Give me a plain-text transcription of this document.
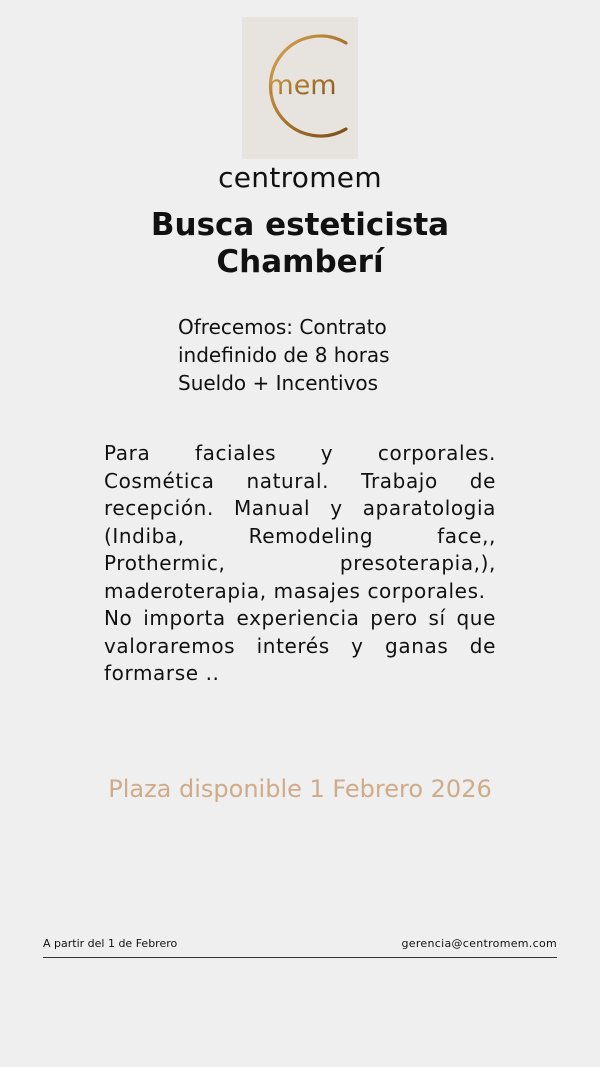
mem
centromem
Busca esteticista
Chamberí
Ofrecemos: Contrato
indefinido de 8 horas
Sueldo + Incentivos

Para faciales y corporales. Cosmética natural. Trabajo de recepción. Manual y aparatologia (Indiba, Remodeling face,, Prothermic, presoterapia,), maderoterapia, masajes corporales.

No importa experiencia pero sí que valoraremos interés y ganas de formarse ..

Plaza disponible 1 Febrero 2026
A partir del 1 de Febrero	gerencia@centromem.com
